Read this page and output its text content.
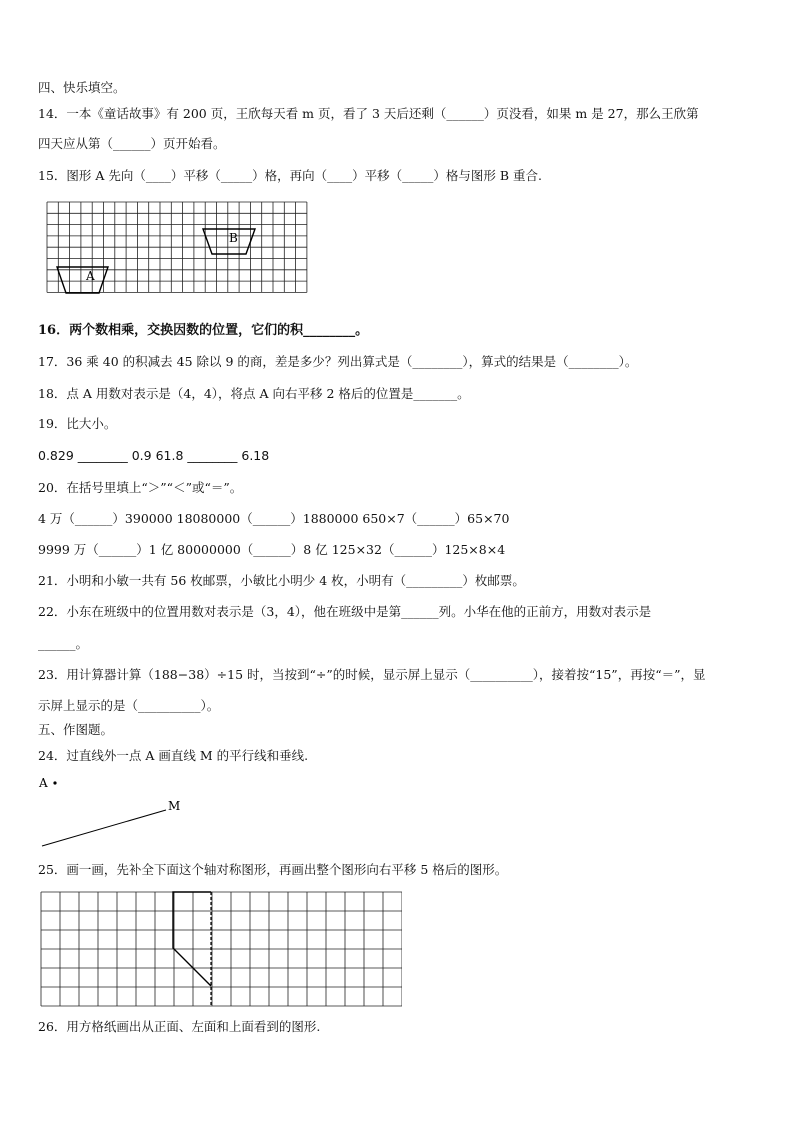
四、快乐填空。
14．一本《童话故事》有 200 页，王欣每天看 m 页，看了 3 天后还剩（______）页没看，如果 m 是 27，那么王欣第
四天应从第（______）页开始看。
15．图形 A 先向（____）平移（_____）格，再向（____）平移（_____）格与图形 B 重合.
B
A
16．两个数相乘，交换因数的位置，它们的积________。
17．36 乘 40 的积减去 45 除以 9 的商，差是多少？列出算式是（________），算式的结果是（________）。
18．点 A 用数对表示是（4，4），将点 A 向右平移 2 格后的位置是_______。
19．比大小。
0.829 ________ 0.9 61.8 ________ 6.18
20．在括号里填上“＞”“＜”或“＝”。
4 万（______）390000 18080000（______）1880000 650×7（______）65×70
9999 万（______）1 亿 80000000（______）8 亿 125×32（______）125×8×4
21．小明和小敏一共有 56 枚邮票，小敏比小明少 4 枚，小明有（_________）枚邮票。
22．小东在班级中的位置用数对表示是（3，4），他在班级中是第______列。小华在他的正前方，用数对表示是
______。
23．用计算器计算（188−38）÷15 时，当按到“÷”的时候，显示屏上显示（__________），接着按“15”，再按“＝”，显
示屏上显示的是（__________）。
五、作图题。
24．过直线外一点 A 画直线 M 的平行线和垂线.
A
M
25．画一画，先补全下面这个轴对称图形，再画出整个图形向右平移 5 格后的图形。
26．用方格纸画出从正面、左面和上面看到的图形.
